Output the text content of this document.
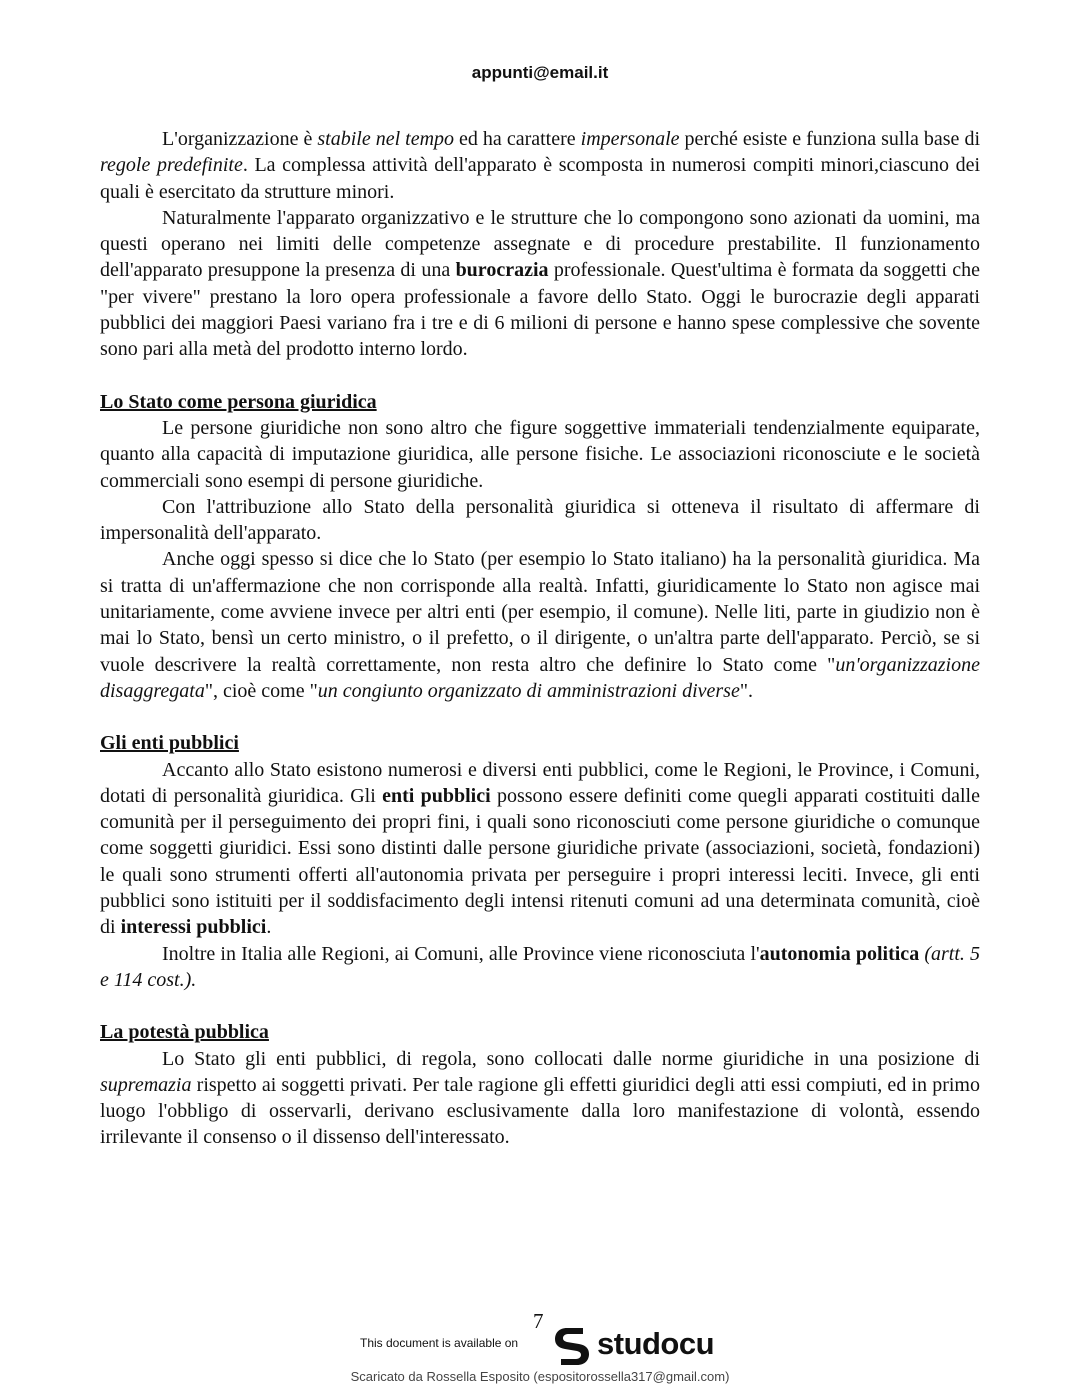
appunti@email.it

L'organizzazione è stabile nel tempo ed ha carattere impersonale perché esiste e funziona sulla base di regole predefinite. La complessa attività dell'apparato è scomposta in numerosi compiti minori,ciascuno dei quali è esercitato da strutture minori.

Naturalmente l'apparato organizzativo e le strutture che lo compongono sono azionati da uomini, ma questi operano nei limiti delle competenze assegnate e di procedure prestabilite. Il funzionamento dell'apparato presuppone la presenza di una burocrazia professionale. Quest'ultima è formata da soggetti che "per vivere" prestano la loro opera professionale a favore dello Stato. Oggi le burocrazie degli apparati pubblici dei maggiori Paesi variano fra i tre e di 6 milioni di persone e hanno spese complessive che sovente sono pari alla metà del prodotto interno lordo.

Lo Stato come persona giuridica

Le persone giuridiche non sono altro che figure soggettive immateriali tendenzialmente equiparate, quanto alla capacità di imputazione giuridica, alle persone fisiche. Le associazioni riconosciute e le società commerciali sono esempi di persone giuridiche.

Con l'attribuzione allo Stato della personalità giuridica si otteneva il risultato di affermare di impersonalità dell'apparato.

Anche oggi spesso si dice che lo Stato (per esempio lo Stato italiano) ha la personalità giuridica. Ma si tratta di un'affermazione che non corrisponde alla realtà. Infatti, giuridicamente lo Stato non agisce mai unitariamente, come avviene invece per altri enti (per esempio, il comune). Nelle liti, parte in giudizio non è mai lo Stato, bensì un certo ministro, o il prefetto, o il dirigente, o un'altra parte dell'apparato. Perciò, se si vuole descrivere la realtà correttamente, non resta altro che definire lo Stato come "un'organizzazione disaggregata", cioè come "un congiunto organizzato di amministrazioni diverse".

Gli enti pubblici

Accanto allo Stato esistono numerosi e diversi enti pubblici, come le Regioni, le Province, i Comuni, dotati di personalità giuridica. Gli enti pubblici possono essere definiti come quegli apparati costituiti dalle comunità per il perseguimento dei propri fini, i quali sono riconosciuti come persone giuridiche o comunque come soggetti giuridici. Essi sono distinti dalle persone giuridiche private (associazioni, società, fondazioni) le quali sono strumenti offerti all'autonomia privata per perseguire i propri interessi leciti. Invece, gli enti pubblici sono istituiti per il soddisfacimento degli intensi ritenuti comuni ad una determinata comunità, cioè di interessi pubblici.

Inoltre in Italia alle Regioni, ai Comuni, alle Province viene riconosciuta l'autonomia politica (artt. 5 e 114 cost.).

La potestà pubblica

Lo Stato gli enti pubblici, di regola, sono collocati dalle norme giuridiche in una posizione di supremazia rispetto ai soggetti privati. Per tale ragione gli effetti giuridici degli atti essi compiuti, ed in primo luogo l'obbligo di osservarli, derivano esclusivamente dalla loro manifestazione di volontà, essendo irrilevante il consenso o il dissenso dell'interessato.

7
This document is available on	studocu
Scaricato da Rossella Esposito (espositorossella317@gmail.com)
